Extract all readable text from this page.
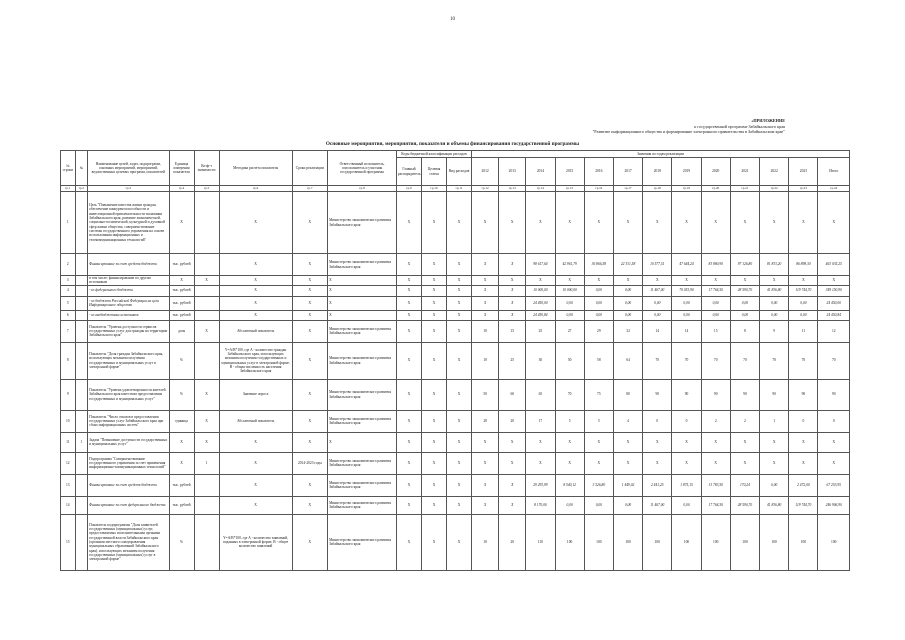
10
«ПРИЛОЖЕНИЕ
к государственной программе Забайкальского края
"Развитие информационного общества и формирование электронного правительства в Забайкальском крае"
Основные мероприятия, мероприятия, показатели и объемы финансирования государственной программы
№ строки	№	Наименование целей, задач, подпрограмм, основных мероприятий, мероприятий, ведомственных целевых программ, показателей	Единица измерения показателя	Коэф-т значимости	Методика расчета показателя	Сроки реализации	Ответственный исполнитель, соисполнитель и участник государственной программы	Коды бюджетной классификации расходов			Значения по годам реализации												
								Главный распорядитель	Целевая статья	Вид расходов	2012	2013	2014	2015	2016	2017	2018	2019	2020	2021	2022	2023	Итого
гр.1	гр.2	гр.3	гр.4	гр.5	гр.6	гр.7	гр.8	гр.9	гр.10	гр.11	гр.12	гр.13	гр.14	гр.15	гр.16	гр.17	гр.18	гр.19	гр.20	гр.21	гр.22	гр.23	гр.24
1		Цель "Повышение качества жизни граждан, обеспечение конкурентоспособности и инвестиционной привлекательности экономики Забайкальского края, развитие экономической, социально-политической, культурной и духовной сфер жизни общества, совершенствование системы государственного управления на основе использования информационных и телекоммуникационных технологий"	Х		Х	Х	Министерство экономического развития Забайкальского края	Х	Х	Х	Х	Х	Х	Х	Х	Х	Х	Х	Х	Х	Х	Х	Х
2		Финансирование за счет средств бюджета	тыс. рублей		Х	Х	Министерство экономического развития Забайкальского края	Х	Х	Х	Х	Х	98 617,64	42 961,79	36 866,58	22 331,58	10 577,51	47 644,24	83 880,90	97 126,80	81 833,20	86 898,30	463 035,25
3		в том числе: финансирование по другим источникам	Х	Х	Х	Х	Х	Х	Х	Х	Х	Х	Х	Х	Х	Х	Х	Х	Х	Х	Х	Х	Х
4		- из федерального бюджета	тыс. рублей		Х	Х	Х	Х	Х	Х	Х	Х	10 000,00	10 000,00	0,00	0,00	11 467,00	70 053,90	17 764,50	28 590,70	41 836,80	119 744,70	349 150,90
5		- из бюджета Российской Федерации на цели Информационное общество	тыс. рублей		Х	Х	Х	Х	Х	Х	Х	Х	24 450,00	0,00	0,00	0,00	0,00	0,00	0,00	0,00	0,00	0,00	24 450,00
6		- из внебюджетных источников	тыс. рублей		Х	Х	Х	Х	Х	Х	Х	Х	24 450,84	0,00	0,00	0,00	0,00	0,00	0,00	0,00	0,00	0,00	24 450,84
7		Показатель "Уровень доступности сервисов государственных услуг для граждан на территории Забайкальского края"	доля	Х	Абсолютный показатель	Х	Министерство экономического развития Забайкальского края	Х	Х	Х	10	15	25	27	29	32	14	14	15	8	9	11	12
8		Показатель "Доля граждан Забайкальского края, использующих механизм получения государственных и муниципальных услуг в электронной форме"	%		Y=A/B*100, где A - количество граждан Забайкальского края, использующих механизм получения государственных и муниципальных услуг в электронной форме, B - общая численность населения Забайкальского края	Х	Министерство экономического развития Забайкальского края	Х	Х	Х	10	25	30	50	58	64	70	70	70	70	70	70	70
9		Показатель "Уровень удовлетворенности жителей Забайкальского края качеством предоставления государственных и муниципальных услуг"	%	Х	Значение опроса	Х	Министерство экономического развития Забайкальского края	Х	Х	Х	50	60	65	70	75	80	90	90	90	90	90	90	90
10		Показатель "Число отказов в предоставлении государственных услуг Забайкальского края при сбоях информационных систем"	единица	Х	Абсолютный показатель	Х	Министерство экономического развития Забайкальского края	Х	Х	Х	28	20	17	5	5	4	0	0	2	2	1	0	0
11	1	Задача "Повышение доступности государственных и муниципальных услуг"	Х	Х	Х	Х	Х	Х	Х	Х	Х	Х	Х	Х	Х	Х	Х	Х	Х	Х	Х	Х	Х
12		Подпрограмма "Совершенствование государственного управления за счет применения информационно-коммуникационных технологий"	Х	1	Х	2014-2023 годы	Министерство экономического развития Забайкальского края	Х	Х	Х	Х	Х	Х	Х	Х	Х	Х	Х	Х	Х	Х	Х	Х
13		Финансирование за счет средств бюджета	тыс. рублей		Х	Х	Министерство экономического развития Забайкальского края	Х	Х	Х	Х	Х	29 293,99	8 540,12	3 526,80	1 449,02	2 441,25	1 875,15	13 783,50	170,24	0,00	2 472,00	67 253,95
14		Финансирование за счет федерального бюджета	тыс. рублей		Х	Х	Министерство экономического развития Забайкальского края	Х	Х	Х	Х	Х	8 170,00	0,00	0,00	0,00	11 467,00	0,00	17 764,50	28 590,70	41 836,80	119 744,70	246 906,90
15		Показатель подпрограммы "Доля заявителей государственных (муниципальных) услуг, предоставляемых исполнительными органами государственной власти Забайкальского края (органами местного самоуправления муниципальных образований Забайкальского края), использующих механизм получения государственных (муниципальных) услуг в электронной форме"	%		Y=A/B*100, где A - количество заявлений, поданных в электронной форме, B - общее количество заявлений	Х	Министерство экономического развития Забайкальского края	Х	Х	Х	10	20	110	100	100	100	100	100	100	100	100	100	100
